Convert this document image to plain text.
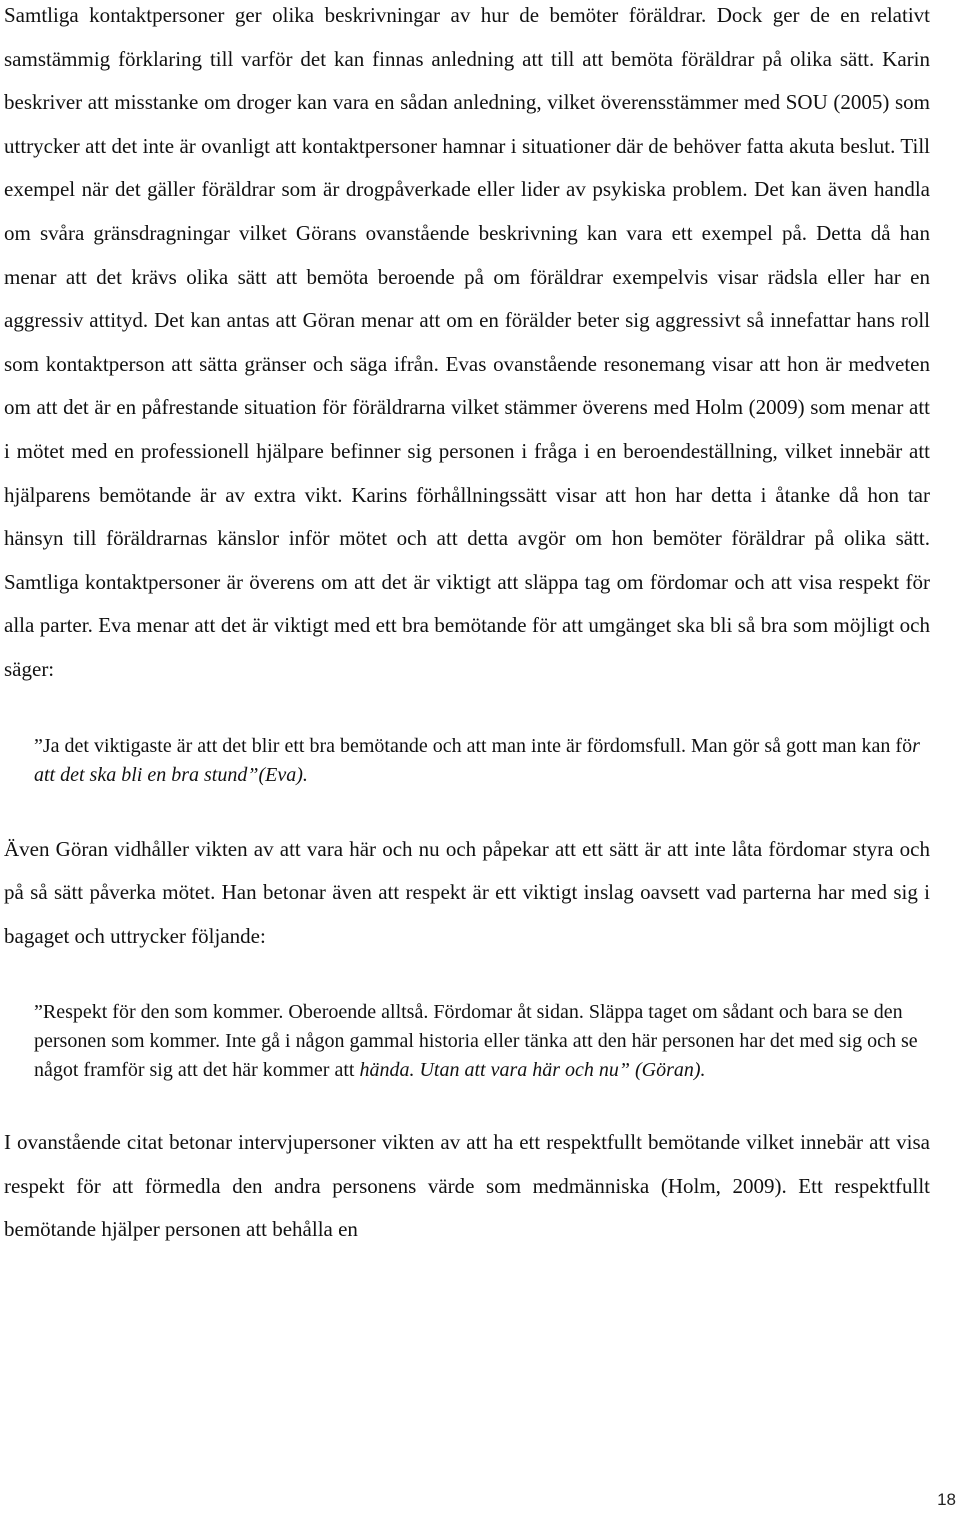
Samtliga kontaktpersoner ger olika beskrivningar av hur de bemöter föräldrar. Dock ger de en relativt samstämmig förklaring till varför det kan finnas anledning att till att bemöta föräldrar på olika sätt. Karin beskriver att misstanke om droger kan vara en sådan anledning, vilket överensstämmer med SOU (2005) som uttrycker att det inte är ovanligt att kontaktpersoner hamnar i situationer där de behöver fatta akuta beslut. Till exempel när det gäller föräldrar som är drogpåverkade eller lider av psykiska problem. Det kan även handla om svåra gränsdragningar vilket Görans ovanstående beskrivning kan vara ett exempel på. Detta då han menar att det krävs olika sätt att bemöta beroende på om föräldrar exempelvis visar rädsla eller har en aggressiv attityd. Det kan antas att Göran menar att om en förälder beter sig aggressivt så innefattar hans roll som kontaktperson att sätta gränser och säga ifrån. Evas ovanstående resonemang visar att hon är medveten om att det är en påfrestande situation för föräldrarna vilket stämmer överens med Holm (2009) som menar att i mötet med en professionell hjälpare befinner sig personen i fråga i en beroendeställning, vilket innebär att hjälparens bemötande är av extra vikt. Karins förhållningssätt visar att hon har detta i åtanke då hon tar hänsyn till föräldrarnas känslor inför mötet och att detta avgör om hon bemöter föräldrar på olika sätt. Samtliga kontaktpersoner är överens om att det är viktigt att släppa tag om fördomar och att visa respekt för alla parter. Eva menar att det är viktigt med ett bra bemötande för att umgänget ska bli så bra som möjligt och säger:

”Ja det viktigaste är att det blir ett bra bemötande och att man inte är fördomsfull. Man gör så gott man kan för att det ska bli en bra stund”(Eva).

Även Göran vidhåller vikten av att vara här och nu och påpekar att ett sätt är att inte låta fördomar styra och på så sätt påverka mötet. Han betonar även att respekt är ett viktigt inslag oavsett vad parterna har med sig i bagaget och uttrycker följande:

”Respekt för den som kommer. Oberoende alltså. Fördomar åt sidan. Släppa taget om sådant och bara se den personen som kommer. Inte gå i någon gammal historia eller tänka att den här personen har det med sig och se något framför sig att det här kommer att hända. Utan att vara här och nu” (Göran).

I ovanstående citat betonar intervjupersoner vikten av att ha ett respektfullt bemötande vilket innebär att visa respekt för att förmedla den andra personens värde som medmänniska (Holm, 2009). Ett respektfullt bemötande hjälper personen att behålla en

18
